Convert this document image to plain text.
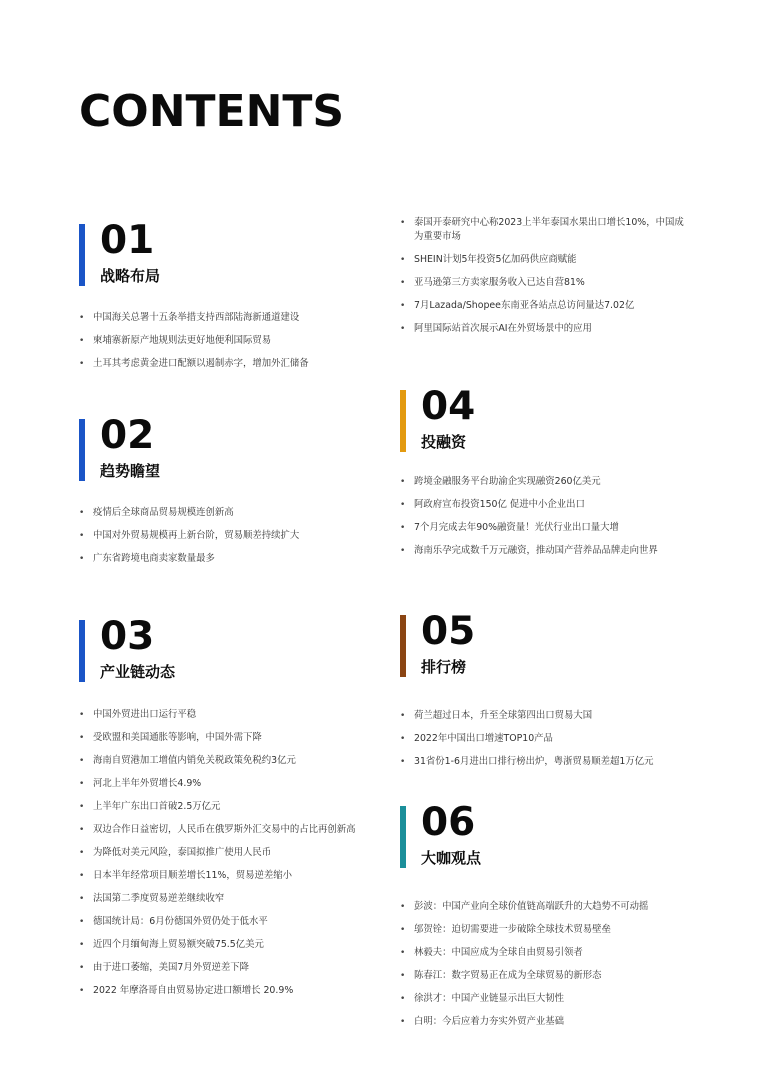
CONTENTS
01
战略布局
• 中国海关总署十五条举措支持西部陆海新通道建设
• 柬埔寨新原产地规则法更好地便利国际贸易
• 土耳其考虑黄金进口配额以遏制赤字，增加外汇储备
02
趋势瞻望
• 疫情后全球商品贸易规模连创新高
• 中国对外贸易规模再上新台阶，贸易顺差持续扩大
• 广东省跨境电商卖家数量最多
03
产业链动态
• 中国外贸进出口运行平稳
• 受欧盟和美国通胀等影响，中国外需下降
• 海南自贸港加工增值内销免关税政策免税约3亿元
• 河北上半年外贸增长4.9%
• 上半年广东出口首破2.5万亿元
• 双边合作日益密切，人民币在俄罗斯外汇交易中的占比再创新高
• 为降低对美元风险，泰国拟推广使用人民币
• 日本半年经常项目顺差增长11%，贸易逆差缩小
• 法国第二季度贸易逆差继续收窄
• 德国统计局：6月份德国外贸仍处于低水平
• 近四个月缅甸海上贸易额突破75.5亿美元
• 由于进口萎缩，美国7月外贸逆差下降
• 2022 年摩洛哥自由贸易协定进口额增长 20.9%
• 泰国开泰研究中心称2023上半年泰国水果出口增长10%，中国成为重要市场
• SHEIN计划5年投资5亿加码供应商赋能
• 亚马逊第三方卖家服务收入已达自营81%
• 7月Lazada/Shopee东南亚各站点总访问量达7.02亿
• 阿里国际站首次展示AI在外贸场景中的应用
04
投融资
• 跨境金融服务平台助渝企实现融资260亿美元
• 阿政府宣布投资150亿 促进中小企业出口
• 7个月完成去年90%融资量！光伏行业出口量大增
• 海南乐孕完成数千万元融资，推动国产营养品品牌走向世界
05
排行榜
• 荷兰超过日本，升至全球第四出口贸易大国
• 2022年中国出口增速TOP10产品
• 31省份1-6月进出口排行榜出炉，粤浙贸易顺差超1万亿元
06
大咖观点
• 彭波：中国产业向全球价值链高端跃升的大趋势不可动摇
• 邬贺铨：迫切需要进一步破除全球技术贸易壁垒
• 林毅夫：中国应成为全球自由贸易引领者
• 陈春江：数字贸易正在成为全球贸易的新形态
• 徐洪才：中国产业链显示出巨大韧性
• 白明：今后应着力夯实外贸产业基础
